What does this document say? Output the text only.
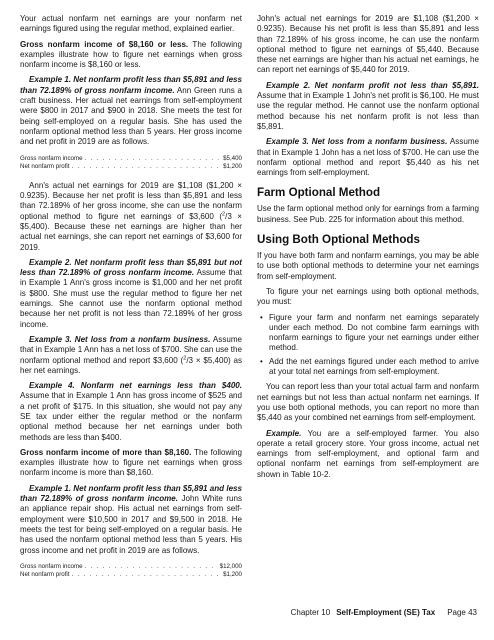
Your actual nonfarm net earnings are your nonfarm net earnings figured using the regular method, explained earlier.

Gross nonfarm income of $8,160 or less. The following examples illustrate how to figure net earnings when gross nonfarm income is $8,160 or less.

Example 1. Net nonfarm profit less than $5,891 and less than 72.189% of gross nonfarm income. Ann Green runs a craft business. Her actual net earnings from self-employment were $800 in 2017 and $900 in 2018. She meets the test for being self-employed on a regular basis. She has used the nonfarm optional method less than 5 years. Her gross income and net profit in 2019 are as follows.

Gross nonfarm income . . .	$5,400
Net nonfarm profit . . .	$1,200

Ann's actual net earnings for 2019 are $1,108 ($1,200 × 0.9235). Because her net profit is less than $5,891 and less than 72.189% of her gross income, she can use the nonfarm optional method to figure net earnings of $3,600 ($^2$/3 × $5,400). Because these net earnings are higher than her actual net earnings, she can report net earnings of $3,600 for 2019.

Example 2. Net nonfarm profit less than $5,891 but not less than 72.189% of gross nonfarm income. Assume that in Example 1 Ann's gross income is $1,000 and her net profit is $800. She must use the regular method to figure her net earnings. She cannot use the nonfarm optional method because her net profit is not less than 72.189% of her gross income.

Example 3. Net loss from a nonfarm business. Assume that in Example 1 Ann has a net loss of $700. She can use the nonfarm optional method and report $3,600 ($^2$/3 × $5,400) as her net earnings.

Example 4. Nonfarm net earnings less than $400. Assume that in Example 1 Ann has gross income of $525 and a net profit of $175. In this situation, she would not pay any SE tax under either the regular method or the nonfarm optional method because her net earnings under both methods are less than $400.

Gross nonfarm income of more than $8,160. The following examples illustrate how to figure net earnings when gross nonfarm income is more than $8,160.

Example 1. Net nonfarm profit less than $5,891 and less than 72.189% of gross nonfarm income. John White runs an appliance repair shop. His actual net earnings from self-employment were $10,500 in 2017 and $9,500 in 2018. He meets the test for being self-employed on a regular basis. He has used the nonfarm optional method less than 5 years. His gross income and net profit in 2019 are as follows.

Gross nonfarm income . . .	$12,000
Net nonfarm profit . . .	$1,200

John's actual net earnings for 2019 are $1,108 ($1,200 × 0.9235). Because his net profit is less than $5,891 and less than 72.189% of his gross income, he can use the nonfarm optional method to figure net earnings of $5,440. Because these net earnings are higher than his actual net earnings, he can report net earnings of $5,440 for 2019.

Example 2. Net nonfarm profit not less than $5,891. Assume that in Example 1 John's net profit is $6,100. He must use the regular method. He cannot use the nonfarm optional method because his net nonfarm profit is not less than $5,891.

Example 3. Net loss from a nonfarm business. Assume that in Example 1 John has a net loss of $700. He can use the nonfarm optional method and report $5,440 as his net earnings from self-employment.

Farm Optional Method

Use the farm optional method only for earnings from a farming business. See Pub. 225 for information about this method.

Using Both Optional Methods

If you have both farm and nonfarm earnings, you may be able to use both optional methods to determine your net earnings from self-employment.

To figure your net earnings using both optional methods, you must:

• Figure your farm and nonfarm net earnings separately under each method. Do not combine farm earnings with nonfarm earnings to figure your net earnings under either method.
• Add the net earnings figured under each method to arrive at your total net earnings from self-employment.

You can report less than your total actual farm and nonfarm net earnings but not less than actual nonfarm net earnings. If you use both optional methods, you can report no more than $5,440 as your combined net earnings from self-employment.

Example. You are a self-employed farmer. You also operate a retail grocery store. Your gross income, actual net earnings from self-employment, and optional farm and optional nonfarm net earnings from self-employment are shown in Table 10-2.

Chapter 10 Self-Employment (SE) Tax Page 43
